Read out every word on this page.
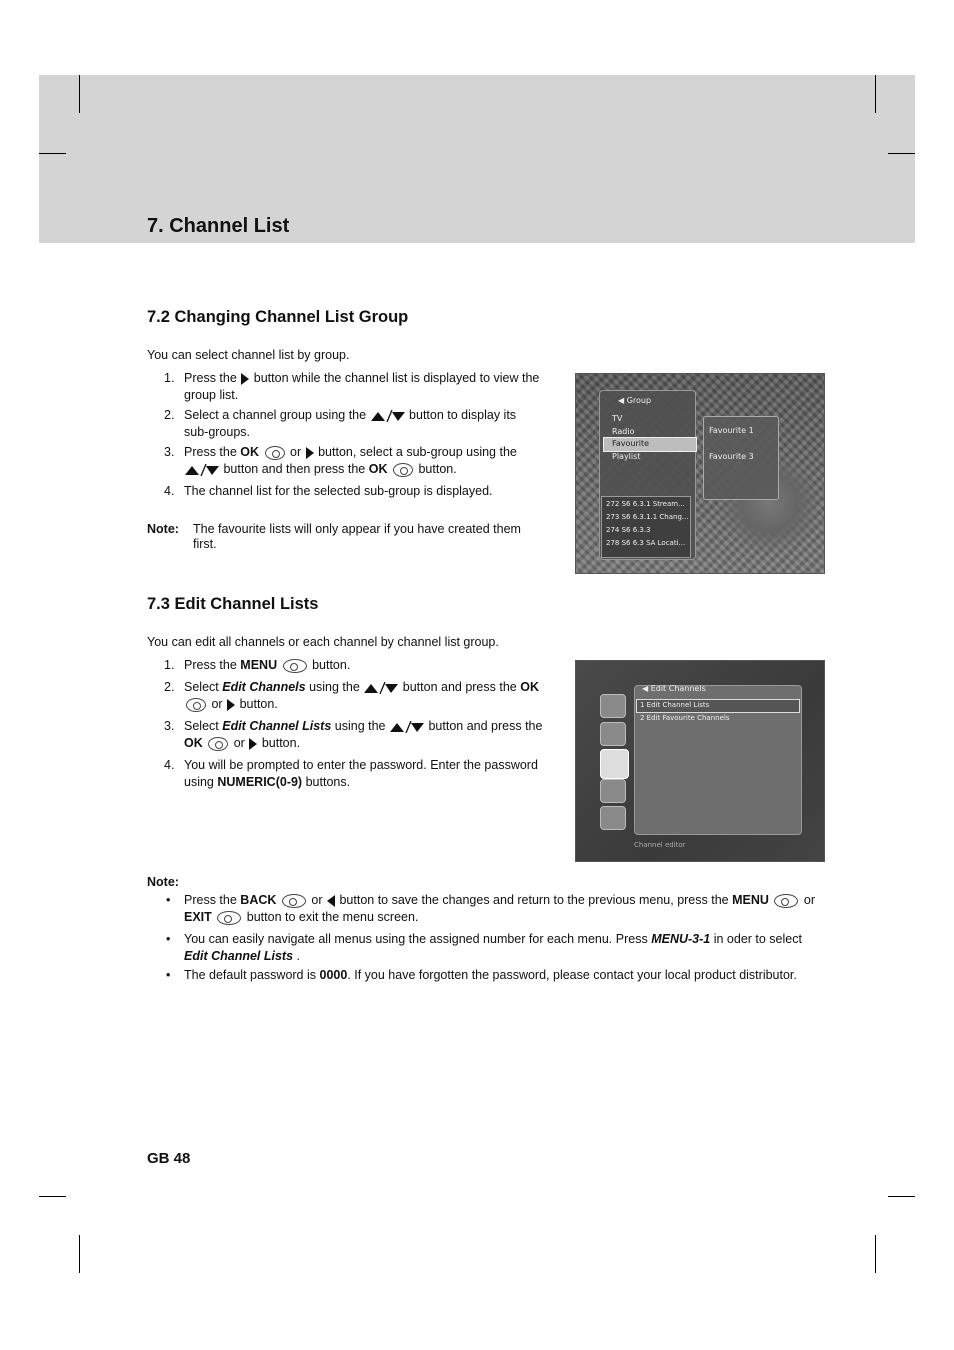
7. Channel List
7.2 Changing Channel List Group

You can select channel list by group.

1. Press the button while the channel list is displayed to view the
group list.
2. Select a channel group using the	button to display its
sub-groups.
3. Press the OK or button, select a sub-group using the
button and then press the OK button.
4. The channel list for the selected sub-group is displayed.
Note: The favourite lists will only appear if you have created them
first.
◀ Group
TV
Radio
Favourite
Playlist
Favourite 1
Favourite 3
272 S6 6.3.1 Stream...
273 S6 6.3.1.1 Chang...
274 S6 6.3.3
278 S6 6.3 SA Locati...
7.3 Edit Channel Lists

You can edit all channels or each channel by channel list group.

1. Press the MENU	button.
2. Select Edit Channels using the	button and press the OK
or button.
3. Select Edit Channel Lists using the	button and press the
OK or button.
4. You will be prompted to enter the password. Enter the password
using NUMERIC(0-9) buttons.
◀ Edit Channels
1 Edit Channel Lists
2 Edit Favourite Channels
Channel editor
Note:
• Press the BACK	or button to save the changes and return to the previous menu, press the MENU	or
EXIT	button to exit the menu screen.
• You can easily navigate all menus using the assigned number for each menu. Press MENU-3-1 in oder to select
Edit Channel Lists .
• The default password is 0000. If you have forgotten the password, please contact your local product distributor.

GB 48
